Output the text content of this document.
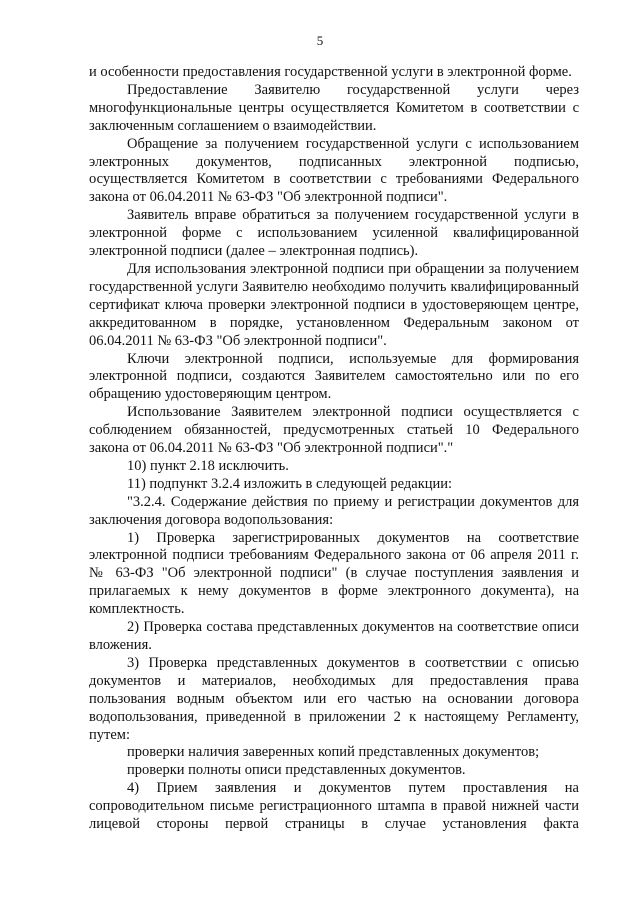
5

и особенности предоставления государственной услуги в электронной форме.

Предоставление Заявителю государственной услуги через многофункциональные центры осуществляется Комитетом в соответствии с заключенным соглашением о взаимодействии.

Обращение за получением государственной услуги с использованием электронных документов, подписанных электронной подписью, осуществляется Комитетом в соответствии с требованиями Федерального закона от 06.04.2011 № 63-ФЗ "Об электронной подписи".

Заявитель вправе обратиться за получением государственной услуги в электронной форме с использованием усиленной квалифицированной электронной подписи (далее – электронная подпись).

Для использования электронной подписи при обращении за получением государственной услуги Заявителю необходимо получить квалифицированный сертификат ключа проверки электронной подписи в удостоверяющем центре, аккредитованном в порядке, установленном Федеральным законом от 06.04.2011 № 63-ФЗ "Об электронной подписи".

Ключи электронной подписи, используемые для формирования электронной подписи, создаются Заявителем самостоятельно или по его обращению удостоверяющим центром.

Использование Заявителем электронной подписи осуществляется с соблюдением обязанностей, предусмотренных статьей 10 Федерального закона от 06.04.2011 № 63-ФЗ "Об электронной подписи"."

10) пункт 2.18 исключить.

11) подпункт 3.2.4 изложить в следующей редакции:

"3.2.4. Содержание действия по приему и регистрации документов для заключения договора водопользования:

1) Проверка зарегистрированных документов на соответствие электронной подписи требованиям Федерального закона от 06 апреля 2011 г. № 63-ФЗ "Об электронной подписи" (в случае поступления заявления и прилагаемых к нему документов в форме электронного документа), на комплектность.

2) Проверка состава представленных документов на соответствие описи вложения.

3) Проверка представленных документов в соответствии с описью документов и материалов, необходимых для предоставления права пользования водным объектом или его частью на основании договора водопользования, приведенной в приложении 2 к настоящему Регламенту, путем:

проверки наличия заверенных копий представленных документов;

проверки полноты описи представленных документов.

4) Прием заявления и документов путем проставления на сопроводительном письме регистрационного штампа в правой нижней части лицевой стороны первой страницы в случае установления факта
